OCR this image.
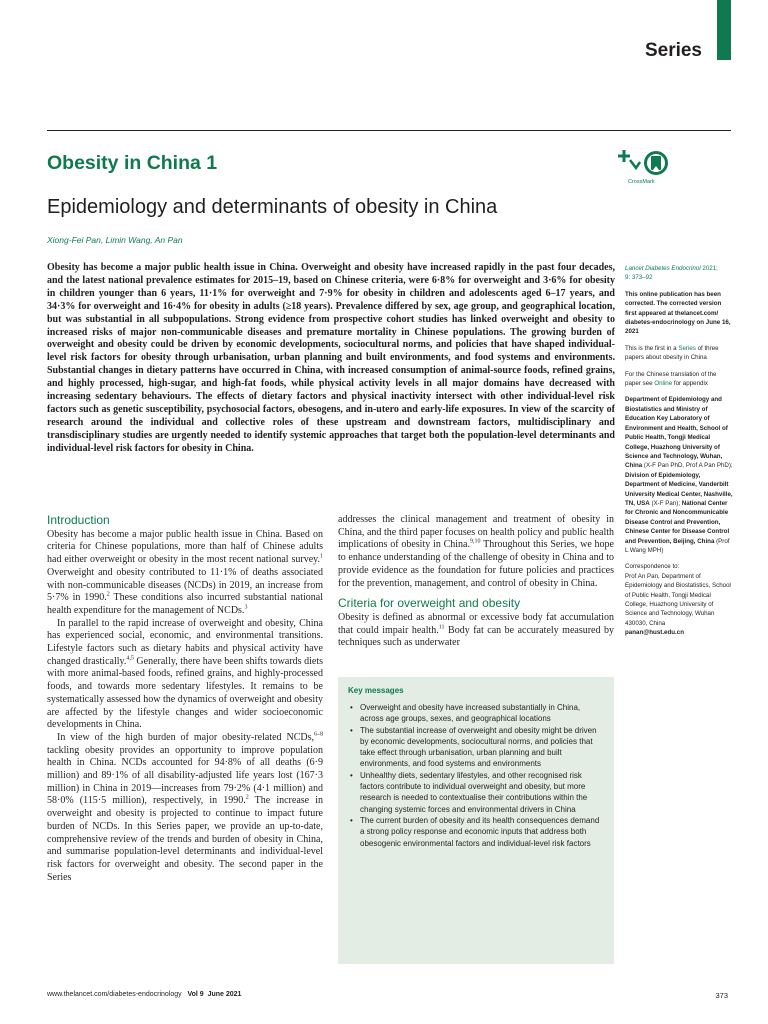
Series
Obesity in China 1
CrossMark
Epidemiology and determinants of obesity in China
Xiong-Fei Pan, Limin Wang, An Pan

Obesity has become a major public health issue in China. Overweight and obesity have increased rapidly in the past four decades, and the latest national prevalence estimates for 2015–19, based on Chinese criteria, were 6·8% for overweight and 3·6% for obesity in children younger than 6 years, 11·1% for overweight and 7·9% for obesity in children and adolescents aged 6–17 years, and 34·3% for overweight and 16·4% for obesity in adults (≥18 years). Prevalence differed by sex, age group, and geographical location, but was substantial in all subpopulations. Strong evidence from prospective cohort studies has linked overweight and obesity to increased risks of major non-communicable diseases and premature mortality in Chinese populations. The growing burden of overweight and obesity could be driven by economic developments, sociocultural norms, and policies that have shaped individual-level risk factors for obesity through urbanisation, urban planning and built environments, and food systems and environments. Substantial changes in dietary patterns have occurred in China, with increased consumption of animal-source foods, refined grains, and highly processed, high-sugar, and high-fat foods, while physical activity levels in all major domains have decreased with increasing sedentary behaviours. The effects of dietary factors and physical inactivity intersect with other individual-level risk factors such as genetic susceptibility, psychosocial factors, obesogens, and in-utero and early-life exposures. In view of the scarcity of research around the individual and collective roles of these upstream and downstream factors, multidisciplinary and transdisciplinary studies are urgently needed to identify systemic approaches that target both the population-level determinants and individual-level risk factors for obesity in China.

Introduction

Obesity has become a major public health issue in China. Based on criteria for Chinese populations, more than half of Chinese adults had either overweight or obesity in the most recent national survey.$^1$ Overweight and obesity contributed to 11·1% of deaths associated with non-communicable diseases (NCDs) in 2019, an increase from 5·7% in 1990.$^2$ These conditions also incurred substantial national health expenditure for the management of NCDs.$^3$

In parallel to the rapid increase of overweight and obesity, China has experienced social, economic, and environmental transitions. Lifestyle factors such as dietary habits and physical activity have changed drastically.$^{4,5}$ Generally, there have been shifts towards diets with more animal-based foods, refined grains, and highly-processed foods, and towards more sedentary lifestyles. It remains to be systematically assessed how the dynamics of overweight and obesity are affected by the lifestyle changes and wider socioeconomic developments in China.

In view of the high burden of major obesity-related NCDs,$^{6-8}$ tackling obesity provides an opportunity to improve population health in China. NCDs accounted for 94·8% of all deaths (6·9 million) and 89·1% of all disability-adjusted life years lost (167·3 million) in China in 2019—increases from 79·2% (4·1 million) and 58·0% (115·5 million), respectively, in 1990.$^2$ The increase in overweight and obesity is projected to continue to impact future burden of NCDs. In this Series paper, we provide an up-to-date, comprehensive review of the trends and burden of obesity in China, and summarise population-level determinants and individual-level risk factors for overweight and obesity. The second paper in the Series

addresses the clinical management and treatment of obesity in China, and the third paper focuses on health policy and public health implications of obesity in China.$^{9,10}$ Throughout this Series, we hope to enhance understanding of the challenge of obesity in China and to provide evidence as the foundation for future policies and practices for the prevention, management, and control of obesity in China.

Criteria for overweight and obesity

Obesity is defined as abnormal or excessive body fat accumulation that could impair health.$^{11}$ Body fat can be accurately measured by techniques such as underwater

Key messages
• Overweight and obesity have increased substantially in China, across age groups, sexes, and geographical locations
• The substantial increase of overweight and obesity might be driven by economic developments, sociocultural norms, and policies that take effect through urbanisation, urban planning and built environments, and food systems and environments
• Unhealthy diets, sedentary lifestyles, and other recognised risk factors contribute to individual overweight and obesity, but more research is needed to contextualise their contributions within the changing systemic forces and environmental drivers in China
• The current burden of obesity and its health consequences demand a strong policy response and economic inputs that address both obesogenic environmental factors and individual-level risk factors

Lancet Diabetes Endocrinol 2021;
9: 373–92

This online publication has been corrected. The corrected version first appeared at thelancet.com/ diabetes-endocrinology on June 16, 2021

This is the first in a Series of three papers about obesity in China

For the Chinese translation of the paper see Online for appendix

Department of Epidemiology and Biostatistics and Ministry of Education Key Laboratory of Environment and Health, School of Public Health, Tongji Medical College, Huazhong University of Science and Technology, Wuhan, China (X-F Pan PhD, Prof A Pan PhD); Division of Epidemiology, Department of Medicine, Vanderbilt University Medical Center, Nashville, TN, USA (X-F Pan); National Center for Chronic and Noncommunicable Disease Control and Prevention, Chinese Center for Disease Control and Prevention, Beijing, China (Prof L Wang MPH)

Correspondence to:
Prof An Pan, Department of Epidemiology and Biostatistics, School of Public Health, Tongji Medical College, Huazhong University of Science and Technology, Wuhan 430030, China
panan@hust.edu.cn

www.thelancet.com/diabetes-endocrinology Vol 9 June 2021	373
